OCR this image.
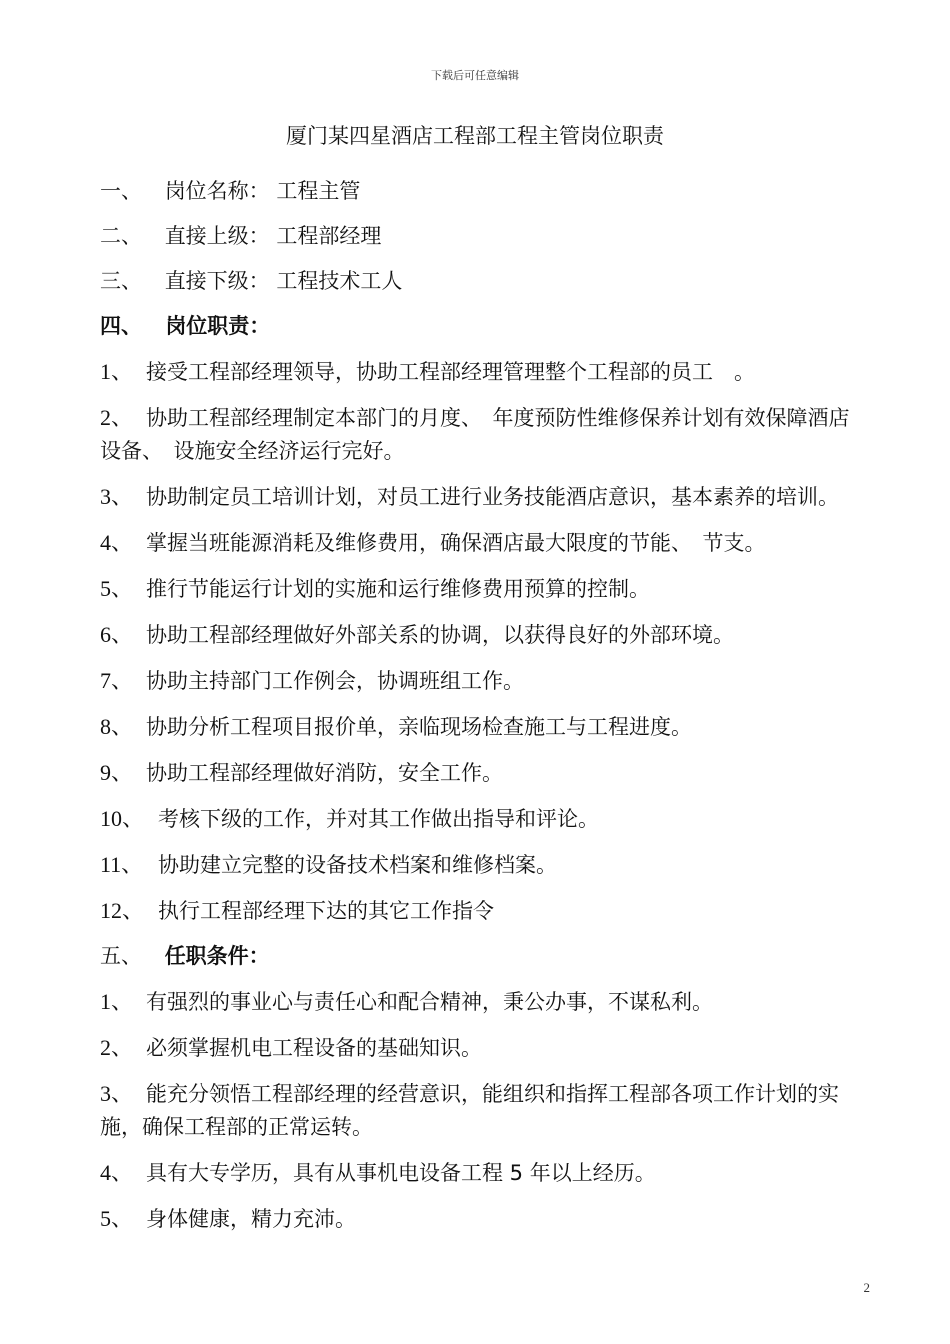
下载后可任意编辑
厦门某四星酒店工程部工程主管岗位职责
一、 岗位名称： 工程主管
二、 直接上级： 工程部经理
三、 直接下级： 工程技术工人
四、 岗位职责：
1、 接受工程部经理领导，协助工程部经理管理整个工程部的员工　。
2、 协助工程部经理制定本部门的月度、　年度预防性维修保养计划有效保障酒店设备、　设施安全经济运行完好。
3、 协助制定员工培训计划，对员工进行业务技能酒店意识，基本素养的培训。
4、 掌握当班能源消耗及维修费用，确保酒店最大限度的节能、　节支。
5、 推行节能运行计划的实施和运行维修费用预算的控制。
6、 协助工程部经理做好外部关系的协调，以获得良好的外部环境。
7、 协助主持部门工作例会，协调班组工作。
8、 协助分析工程项目报价单，亲临现场检查施工与工程进度。
9、 协助工程部经理做好消防，安全工作。
10、 考核下级的工作，并对其工作做出指导和评论。
11、 协助建立完整的设备技术档案和维修档案。
12、 执行工程部经理下达的其它工作指令
五、 任职条件：
1、 有强烈的事业心与责任心和配合精神，秉公办事，不谋私利。
2、 必须掌握机电工程设备的基础知识。
3、 能充分领悟工程部经理的经营意识，能组织和指挥工程部各项工作计划的实施，确保工程部的正常运转。
4、 具有大专学历，具有从事机电设备工程 5 年以上经历。
5、 身体健康，精力充沛。
2
